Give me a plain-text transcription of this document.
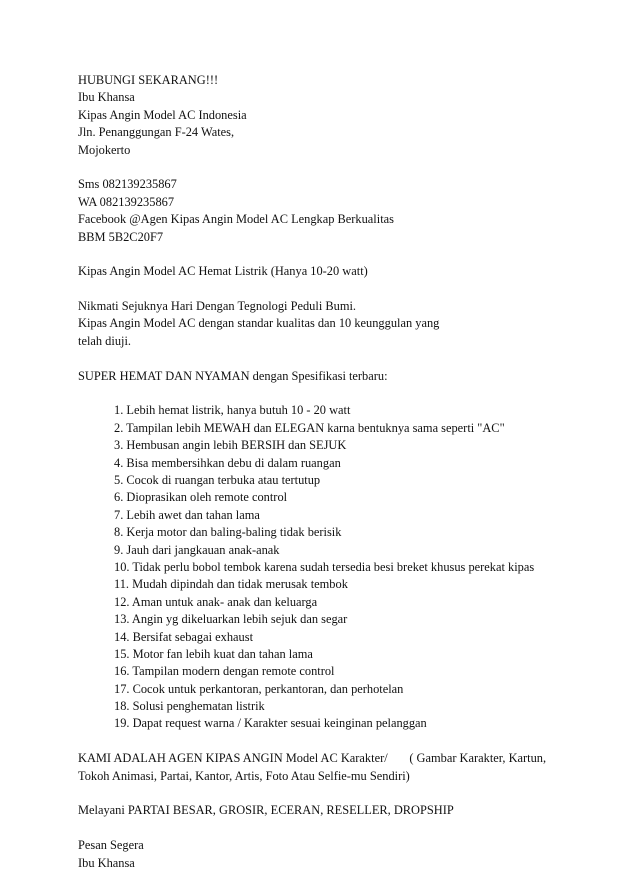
HUBUNGI SEKARANG!!!
Ibu Khansa
Kipas Angin Model AC Indonesia
Jln. Penanggungan F-24 Wates,
Mojokerto
Sms 082139235867
WA 082139235867
Facebook @Agen Kipas Angin Model AC Lengkap Berkualitas
BBM 5B2C20F7
Kipas Angin Model AC Hemat Listrik (Hanya 10-20 watt)
Nikmati Sejuknya Hari Dengan Tegnologi Peduli Bumi.
Kipas Angin Model AC dengan standar kualitas dan 10 keunggulan yang
telah diuji.
SUPER HEMAT DAN NYAMAN dengan Spesifikasi terbaru:
1. Lebih hemat listrik, hanya butuh 10 - 20 watt
2. Tampilan lebih MEWAH dan ELEGAN karna bentuknya sama seperti "AC"
3. Hembusan angin lebih BERSIH dan SEJUK
4. Bisa membersihkan debu di dalam ruangan
5. Cocok di ruangan terbuka atau tertutup
6. Dioprasikan oleh remote control
7. Lebih awet dan tahan lama
8. Kerja motor dan baling-baling tidak berisik
9. Jauh dari jangkauan anak-anak
10. Tidak perlu bobol tembok karena sudah tersedia besi breket khusus perekat kipas
11. Mudah dipindah dan tidak merusak tembok
12. Aman untuk anak- anak dan keluarga
13. Angin yg dikeluarkan lebih sejuk dan segar
14. Bersifat sebagai exhaust
15. Motor fan lebih kuat dan tahan lama
16. Tampilan modern dengan remote control
17. Cocok untuk perkantoran, perkantoran, dan perhotelan
18. Solusi penghematan listrik
19. Dapat request warna / Karakter sesuai keinginan pelanggan
KAMI ADALAH AGEN KIPAS ANGIN Model AC Karakter/       ( Gambar Karakter, Kartun,
Tokoh Animasi, Partai, Kantor, Artis, Foto Atau Selfie-mu Sendiri)
Melayani PARTAI BESAR, GROSIR, ECERAN, RESELLER, DROPSHIP
Pesan Segera
Ibu Khansa
